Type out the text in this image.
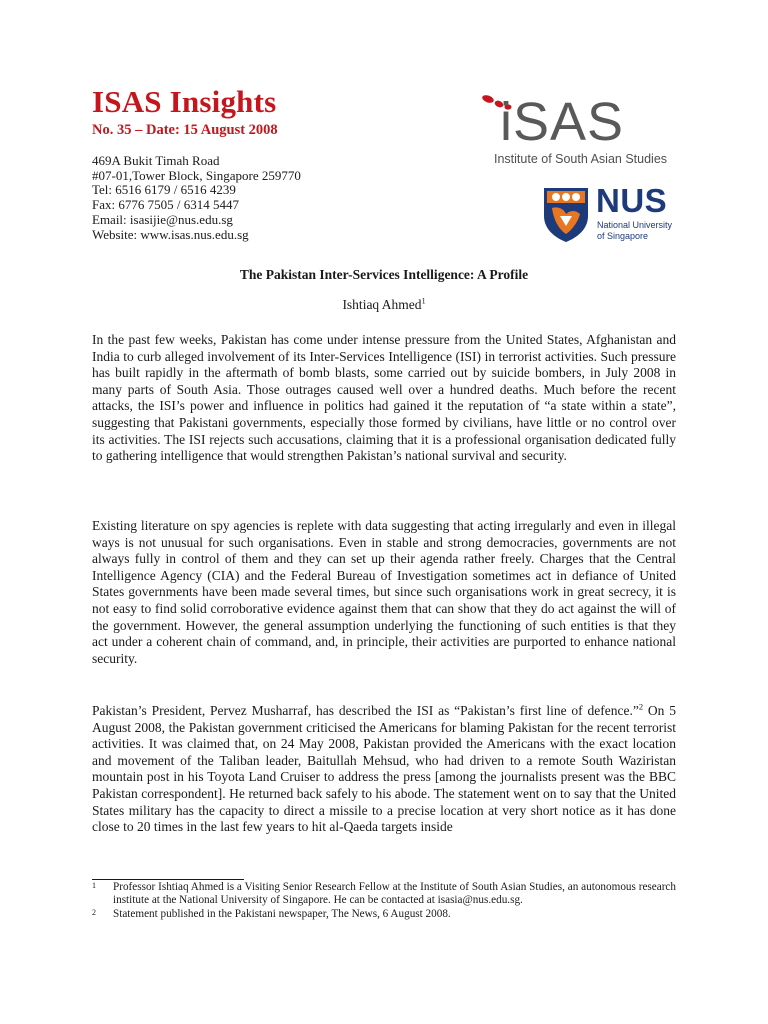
ISAS Insights
No. 35 – Date: 15 August 2008
469A Bukit Timah Road
#07-01,Tower Block, Singapore 259770
Tel: 6516 6179 / 6516 4239
Fax: 6776 7505 / 6314 5447
Email: isasijie@nus.edu.sg
Website: www.isas.nus.edu.sg
iSAS
Institute of South Asian Studies
NUS
National University
of Singapore
The Pakistan Inter-Services Intelligence: A Profile
Ishtiaq Ahmed$^1$

In the past few weeks, Pakistan has come under intense pressure from the United States, Afghanistan and India to curb alleged involvement of its Inter-Services Intelligence (ISI) in terrorist activities. Such pressure has built rapidly in the aftermath of bomb blasts, some carried out by suicide bombers, in July 2008 in many parts of South Asia. Those outrages caused well over a hundred deaths. Much before the recent attacks, the ISI’s power and influence in politics had gained it the reputation of “a state within a state”, suggesting that Pakistani governments, especially those formed by civilians, have little or no control over its activities. The ISI rejects such accusations, claiming that it is a professional organisation dedicated fully to gathering intelligence that would strengthen Pakistan’s national survival and security.

Existing literature on spy agencies is replete with data suggesting that acting irregularly and even in illegal ways is not unusual for such organisations. Even in stable and strong democracies, governments are not always fully in control of them and they can set up their agenda rather freely. Charges that the Central Intelligence Agency (CIA) and the Federal Bureau of Investigation sometimes act in defiance of United States governments have been made several times, but since such organisations work in great secrecy, it is not easy to find solid corroborative evidence against them that can show that they do act against the will of the government. However, the general assumption underlying the functioning of such entities is that they act under a coherent chain of command, and, in principle, their activities are purported to enhance national security.

Pakistan’s President, Pervez Musharraf, has described the ISI as “Pakistan’s first line of defence.”$^2$ On 5 August 2008, the Pakistan government criticised the Americans for blaming Pakistan for the recent terrorist activities. It was claimed that, on 24 May 2008, Pakistan provided the Americans with the exact location and movement of the Taliban leader, Baitullah Mehsud, who had driven to a remote South Waziristan mountain post in his Toyota Land Cruiser to address the press [among the journalists present was the BBC Pakistan correspondent]. He returned back safely to his abode. The statement went on to say that the United States military has the capacity to direct a missile to a precise location at very short notice as it has done close to 20 times in the last few years to hit al-Qaeda targets inside

1 Professor Ishtiaq Ahmed is a Visiting Senior Research Fellow at the Institute of South Asian Studies, an autonomous research institute at the National University of Singapore. He can be contacted at isasia@nus.edu.sg.
2 Statement published in the Pakistani newspaper, The News, 6 August 2008.
